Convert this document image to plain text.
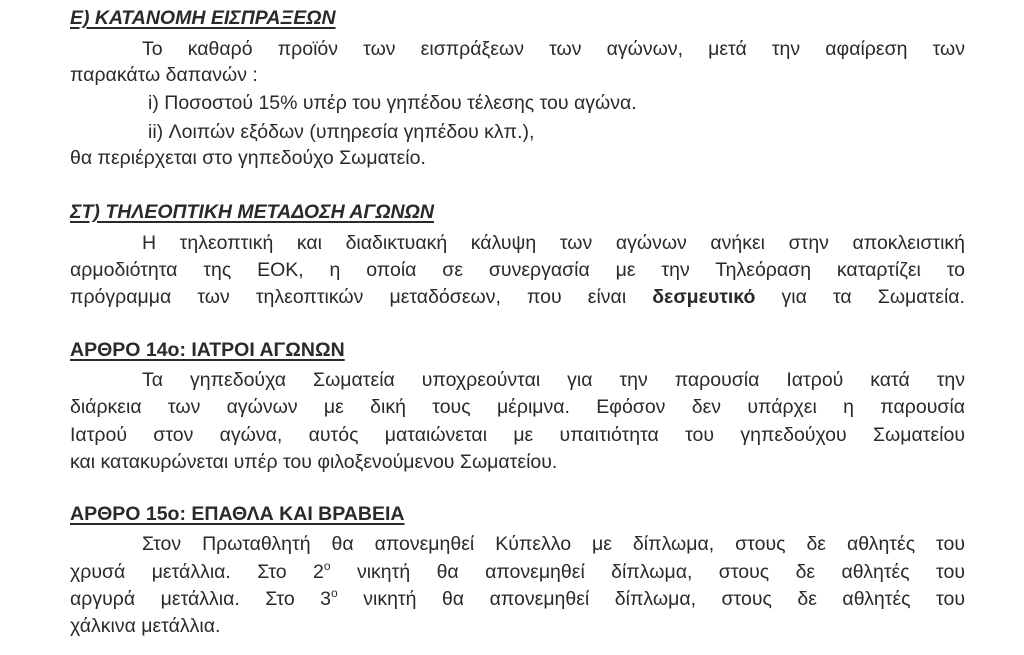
Ε) ΚΑΤΑΝΟΜΗ ΕΙΣΠΡΑΞΕΩΝ
Το καθαρό προϊόν των εισπράξεων των αγώνων, μετά την αφαίρεση των
παρακάτω δαπανών :
i) Ποσοστού 15% υπέρ του γηπέδου τέλεσης του αγώνα.
ii) Λοιπών εξόδων (υπηρεσία γηπέδου κλπ.),
θα περιέρχεται στο γηπεδούχο Σωματείο.
ΣΤ) ΤΗΛΕΟΠΤΙΚΗ ΜΕΤΑΔΟΣΗ ΑΓΩΝΩΝ
Η τηλεοπτική και διαδικτυακή κάλυψη των αγώνων ανήκει στην αποκλειστική
αρμοδιότητα της ΕΟΚ, η οποία σε συνεργασία με την Τηλεόραση καταρτίζει το
πρόγραμμα των τηλεοπτικών μεταδόσεων, που είναι δεσμευτικό για τα Σωματεία.
ΑΡΘΡΟ 14ο: ΙΑΤΡΟΙ ΑΓΩΝΩΝ
Τα γηπεδούχα Σωματεία υποχρεούνται για την παρουσία Ιατρού κατά την
διάρκεια των αγώνων με δική τους μέριμνα. Εφόσον δεν υπάρχει η παρουσία
Ιατρού στον αγώνα, αυτός ματαιώνεται με υπαιτιότητα του γηπεδούχου Σωματείου
και κατακυρώνεται υπέρ του φιλοξενούμενου Σωματείου.
ΑΡΘΡΟ 15ο: ΕΠΑΘΛΑ ΚΑΙ ΒΡΑΒΕΙΑ
Στον Πρωταθλητή θα απονεμηθεί Κύπελλο με δίπλωμα, στους δε αθλητές του
χρυσά μετάλλια. Στο $2^o$ νικητή θα απονεμηθεί δίπλωμα, στους δε αθλητές του
αργυρά μετάλλια. Στο $3^o$ νικητή θα απονεμηθεί δίπλωμα, στους δε αθλητές του
χάλκινα μετάλλια.
